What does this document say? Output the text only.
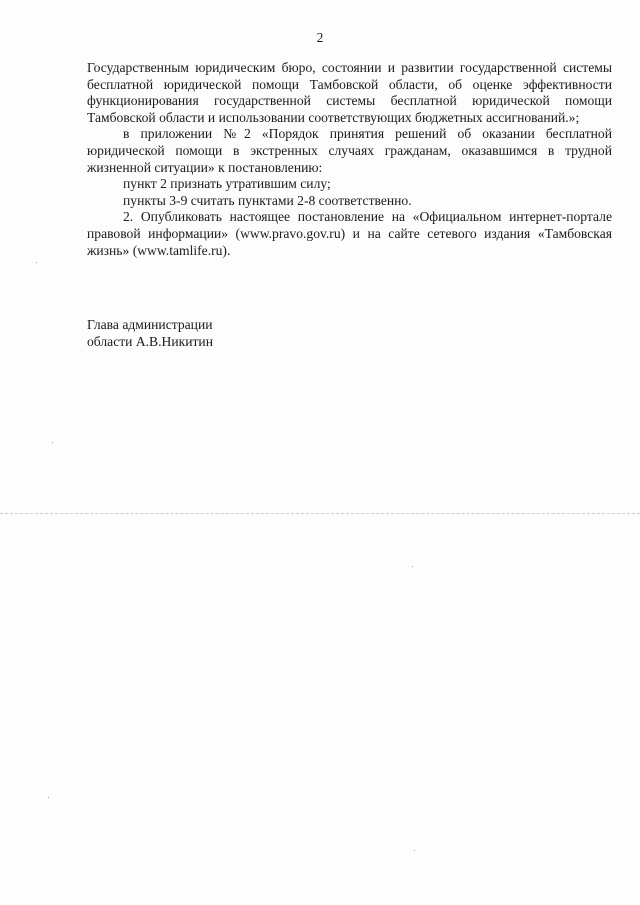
2

Государственным юридическим бюро, состоянии и развитии государственной системы бесплатной юридической помощи Тамбовской области, об оценке эффективности функционирования государственной системы бесплатной юридической помощи Тамбовской области и использовании соответствующих бюджетных ассигнований.»;

в приложении №2 «Порядок принятия решений об оказании бесплатной юридической помощи в экстренных случаях гражданам, оказавшимся в трудной жизненной ситуации» к постановлению:

пункт 2 признать утратившим силу;

пункты 3-9 считать пунктами 2-8 соответственно.

2. Опубликовать настоящее постановление на «Официальном интернет-портале правовой информации» (www.pravo.gov.ru) и на сайте сетевого издания «Тамбовская жизнь» (www.tamlife.ru).

Глава администрации
области А.В.Никитин
